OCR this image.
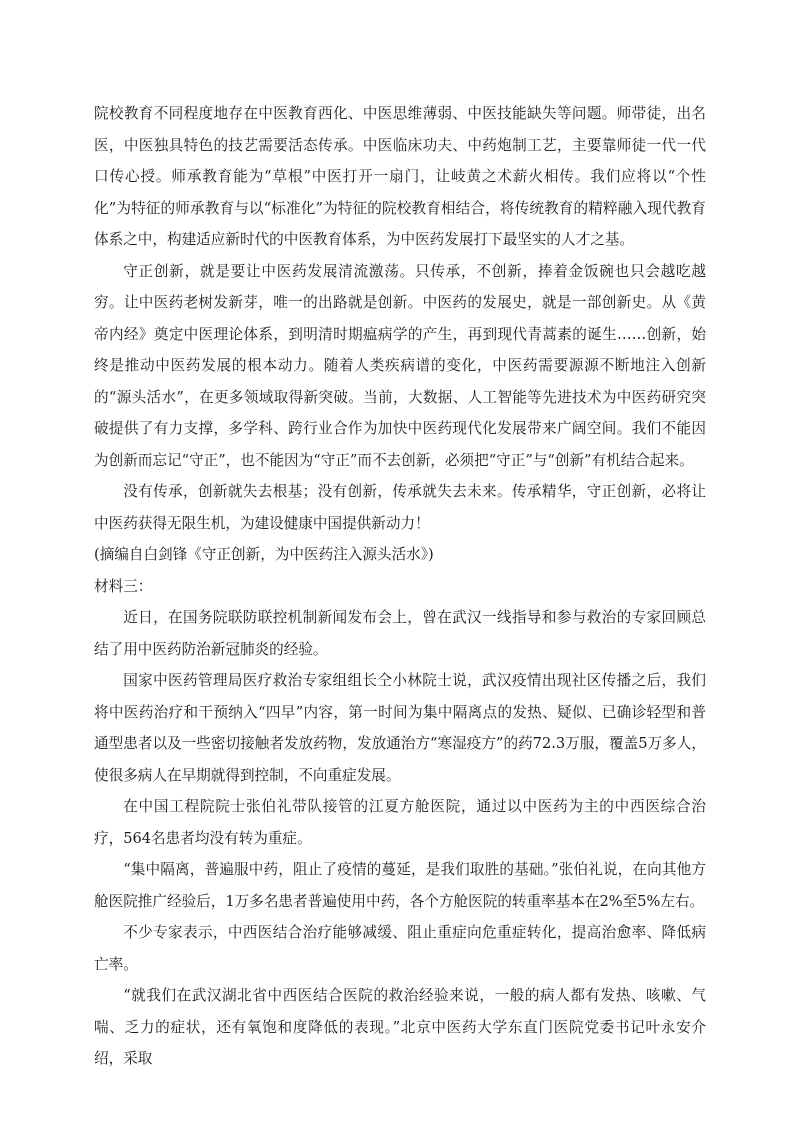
院校教育不同程度地存在中医教育西化、中医思维薄弱、中医技能缺失等问题。师带徒，出名医，中医独具特色的技艺需要活态传承。中医临床功夫、中药炮制工艺，主要靠师徒一代一代口传心授。师承教育能为“草根”中医打开一扇门，让岐黄之术薪火相传。我们应将以“个性化”为特征的师承教育与以“标准化”为特征的院校教育相结合，将传统教育的精粹融入现代教育体系之中，构建适应新时代的中医教育体系，为中医药发展打下最坚实的人才之基。

守正创新，就是要让中医药发展清流激荡。只传承，不创新，捧着金饭碗也只会越吃越穷。让中医药老树发新芽，唯一的出路就是创新。中医药的发展史，就是一部创新史。从《黄帝内经》奠定中医理论体系，到明清时期瘟病学的产生，再到现代青蒿素的诞生……创新，始终是推动中医药发展的根本动力。随着人类疾病谱的变化，中医药需要源源不断地注入创新的“源头活水”，在更多领域取得新突破。当前，大数据、人工智能等先进技术为中医药研究突破提供了有力支撑，多学科、跨行业合作为加快中医药现代化发展带来广阔空间。我们不能因为创新而忘记“守正”，也不能因为“守正”而不去创新，必须把“守正”与“创新”有机结合起来。

没有传承，创新就失去根基；没有创新，传承就失去未来。传承精华，守正创新，必将让中医药获得无限生机，为建设健康中国提供新动力！

(摘编自白剑锋《守正创新，为中医药注入源头活水》)

材料三：

近日，在国务院联防联控机制新闻发布会上，曾在武汉一线指导和参与救治的专家回顾总结了用中医药防治新冠肺炎的经验。

国家中医药管理局医疗救治专家组组长仝小林院士说，武汉疫情出现社区传播之后，我们将中医药治疗和干预纳入“四早”内容，第一时间为集中隔离点的发热、疑似、已确诊轻型和普通型患者以及一些密切接触者发放药物，发放通治方“寒湿疫方”的药72.3万服，覆盖5万多人，使很多病人在早期就得到控制，不向重症发展。

在中国工程院院士张伯礼带队接管的江夏方舱医院，通过以中医药为主的中西医综合治疗，564名患者均没有转为重症。

“集中隔离，普遍服中药，阻止了疫情的蔓延，是我们取胜的基础。”张伯礼说，在向其他方舱医院推广经验后，1万多名患者普遍使用中药，各个方舱医院的转重率基本在2%至5%左右。

不少专家表示，中西医结合治疗能够减缓、阻止重症向危重症转化，提高治愈率、降低病亡率。

“就我们在武汉湖北省中西医结合医院的救治经验来说，一般的病人都有发热、咳嗽、气喘、乏力的症状，还有氧饱和度降低的表现。”北京中医药大学东直门医院党委书记叶永安介绍，采取
